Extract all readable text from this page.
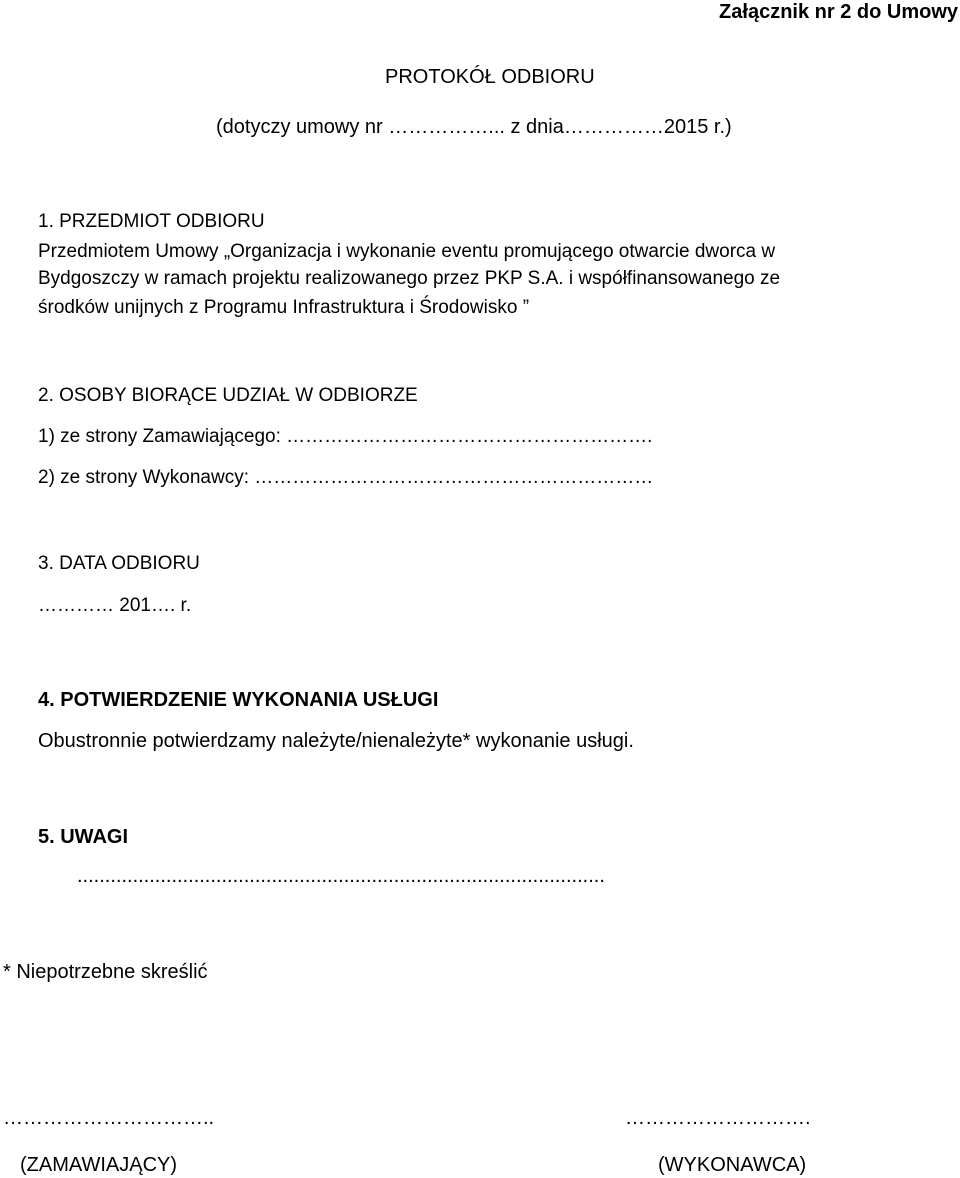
Załącznik nr 2 do Umowy

PROTOKÓŁ ODBIORU

(dotyczy umowy nr ……………... z dnia……………2015 r.)

1. PRZEDMIOT ODBIORU

Przedmiotem Umowy „Organizacja i wykonanie eventu promującego otwarcie dworca w

Bydgoszczy w ramach projektu realizowanego przez PKP S.A. i współfinansowanego ze

środków unijnych z Programu Infrastruktura i Środowisko ”

2. OSOBY BIORĄCE UDZIAŁ W ODBIORZE

1) ze strony Zamawiającego: ………………………………………………….

2) ze strony Wykonawcy: ………………………………………………………

3. DATA ODBIORU

………… 201…. r.

4. POTWIERDZENIE WYKONANIA USŁUGI

Obustronnie potwierdzamy należyte/nienależyte* wykonanie usługi.

5. UWAGI

...............................................................................................

* Niepotrzebne skreślić

…………………………..

(ZAMAWIAJĄCY)

……………………….

(WYKONAWCA)
